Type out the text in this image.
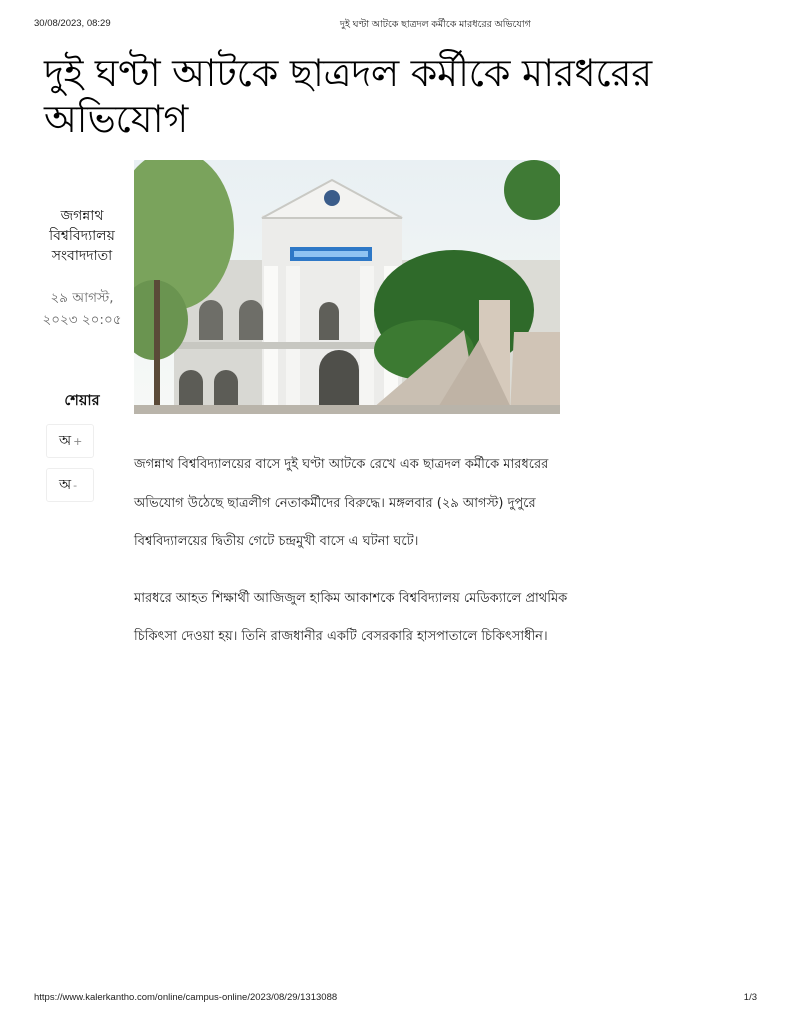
30/08/2023, 08:29	দুই ঘণ্টা আটকে ছাত্রদল কর্মীকে মারধরের অভিযোগ
দুই ঘণ্টা আটকে ছাত্রদল কর্মীকে মারধরের অভিযোগ
জগন্নাথ বিশ্ববিদ্যালয় সংবাদদাতা
২৯ আগস্ট, ২০২৩ ২০:০৫
শেয়ার
অ +
অ -

জগন্নাথ বিশ্ববিদ্যালয়ের বাসে দুই ঘণ্টা আটকে রেখে এক ছাত্রদল কর্মীকে মারধরের অভিযোগ উঠেছে ছাত্রলীগ নেতাকর্মীদের বিরুদ্ধে। মঙ্গলবার (২৯ আগস্ট) দুপুরে বিশ্ববিদ্যালয়ের দ্বিতীয় গেটে চন্দ্রমুখী বাসে এ ঘটনা ঘটে।

মারধরে আহত শিক্ষার্থী আজিজুল হাকিম আকাশকে বিশ্ববিদ্যালয় মেডিক্যালে প্রাথমিক চিকিৎসা দেওয়া হয়। তিনি রাজধানীর একটি বেসরকারি হাসপাতালে চিকিৎসাধীন।

https://www.kalerkantho.com/online/campus-online/2023/08/29/1313088	1/3
